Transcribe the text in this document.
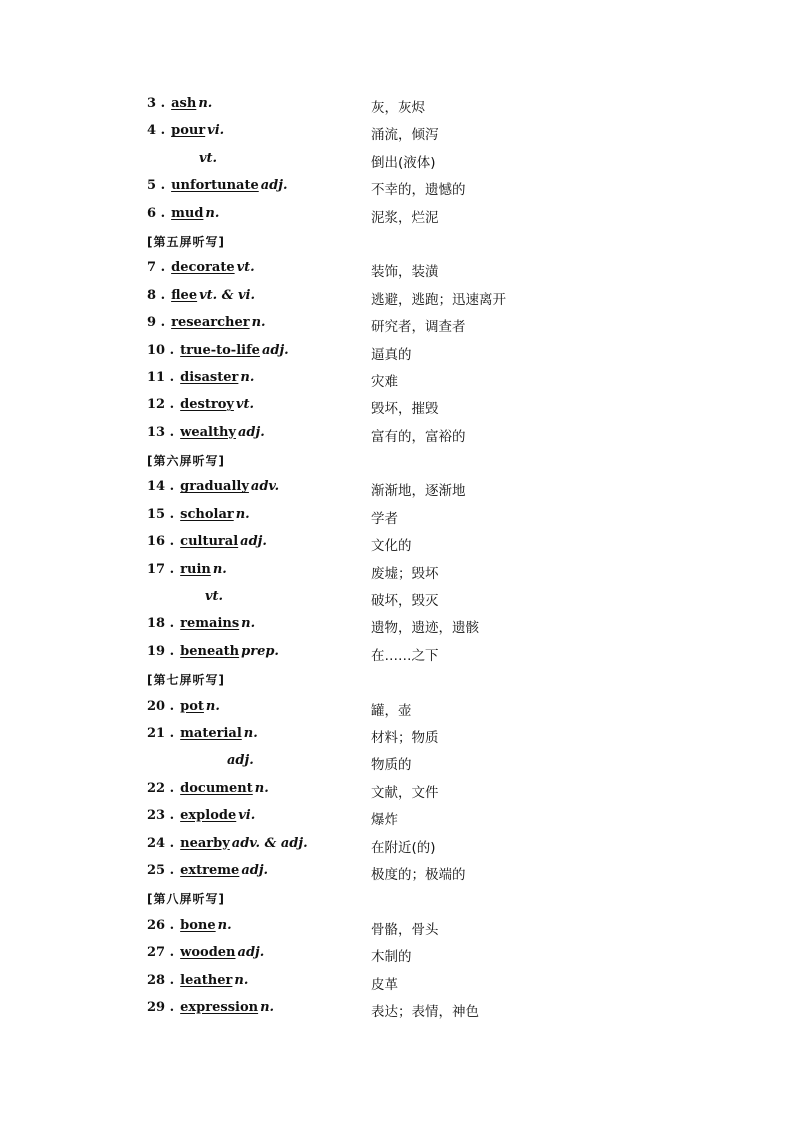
3 . ash n.	灰，灰烬
4 . pour vi.	涌流，倾泻
vt.	倒出(液体)
5 . unfortunate adj.	不幸的，遗憾的
6 . mud n.	泥浆，烂泥
[第五屏听写]
7 . decorate vt.	装饰，装潢
8 . flee vt. & vi.	逃避，逃跑；迅速离开
9 . researcher n.	研究者，调查者
10 . true-to-life adj.	逼真的
11 . disaster n.	灾难
12 . destroy vt.	毁坏，摧毁
13 . wealthy adj.	富有的，富裕的
[第六屏听写]
14 . gradually adv.	渐渐地，逐渐地
15 . scholar n.	学者
16 . cultural adj.	文化的
17 . ruin n.	废墟；毁坏
vt.	破坏，毁灭
18 . remains n.	遗物，遗迹，遗骸
19 . beneath prep.	在……之下
[第七屏听写]
20 . pot n.	罐，壶
21 . material n.	材料；物质
adj.	物质的
22 . document n.	文献，文件
23 . explode vi.	爆炸
24 . nearby adv. & adj.	在附近(的)
25 . extreme adj.	极度的；极端的
[第八屏听写]
26 . bone n.	骨骼，骨头
27 . wooden adj.	木制的
28 . leather n.	皮革
29 . expression n.	表达；表情，神色
